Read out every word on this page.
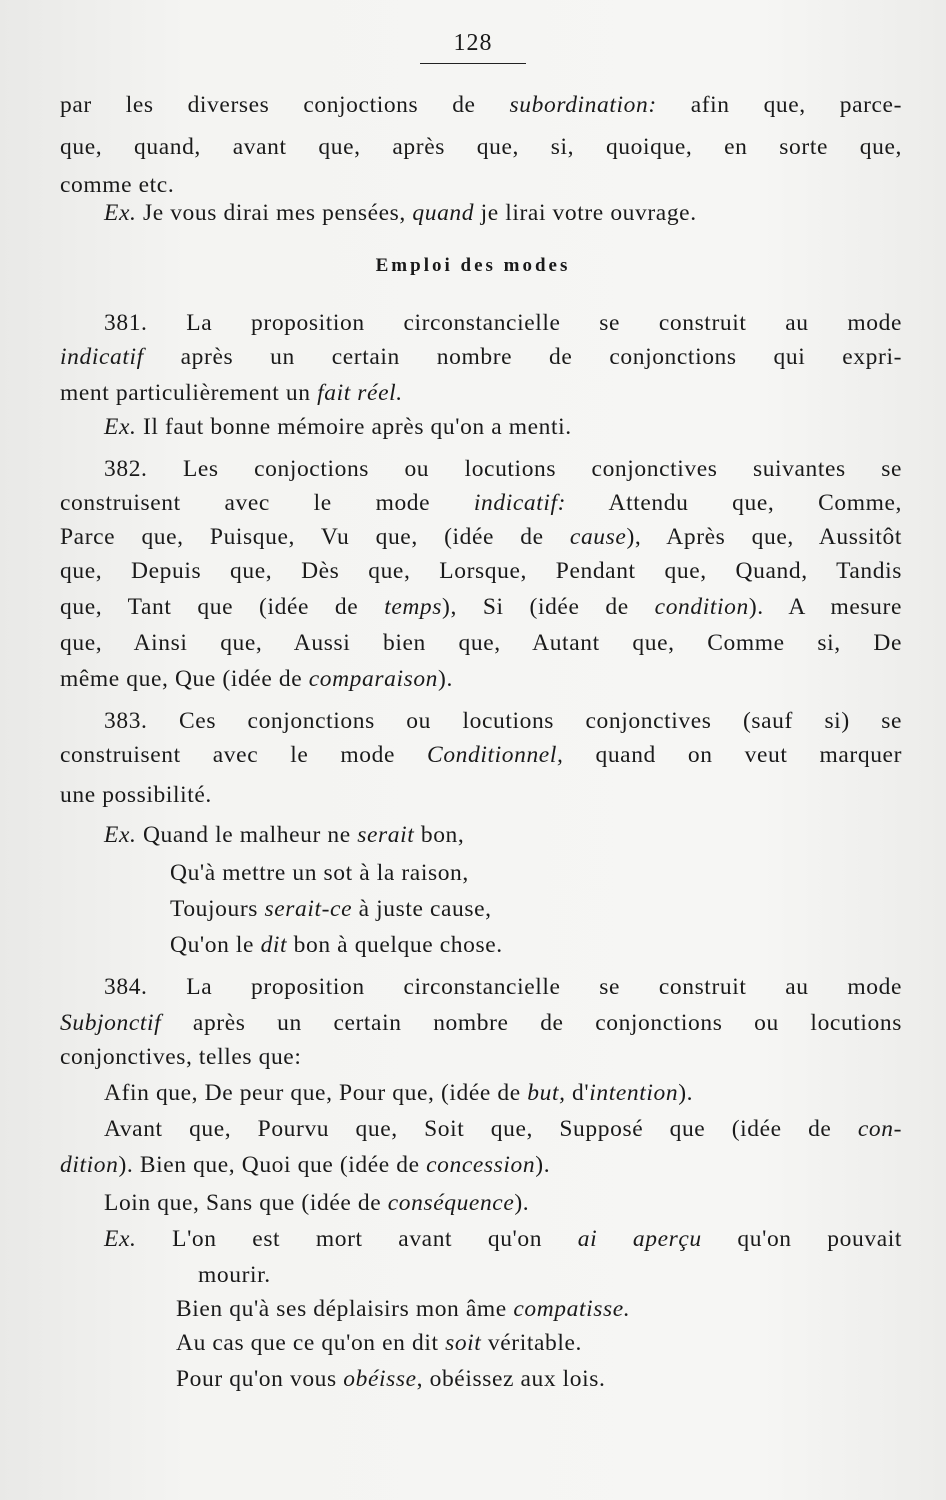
128
par les diverses conjoctions de subordination: afin que, parce-
que, quand, avant que, après que, si, quoique, en sorte que,
comme etc.
Ex. Je vous dirai mes pensées, quand je lirai votre ouvrage.
Emploi des modes
381. La proposition circonstancielle se construit au mode
indicatif après un certain nombre de conjonctions qui expri-
ment particulièrement un fait réel.
Ex. Il faut bonne mémoire après qu'on a menti.
382. Les conjoctions ou locutions conjonctives suivantes se
construisent avec le mode indicatif: Attendu que, Comme,
Parce que, Puisque, Vu que, (idée de cause), Après que, Aussitôt
que, Depuis que, Dès que, Lorsque, Pendant que, Quand, Tandis
que, Tant que (idée de temps), Si (idée de condition). A mesure
que, Ainsi que, Aussi bien que, Autant que, Comme si, De
même que, Que (idée de comparaison).
383. Ces conjonctions ou locutions conjonctives (sauf si) se
construisent avec le mode Conditionnel, quand on veut marquer
une possibilité.
Ex. Quand le malheur ne serait bon,
Qu'à mettre un sot à la raison,
Toujours serait-ce à juste cause,
Qu'on le dit bon à quelque chose.
384. La proposition circonstancielle se construit au mode
Subjonctif après un certain nombre de conjonctions ou locutions
conjonctives, telles que:
Afin que, De peur que, Pour que, (idée de but, d'intention).
Avant que, Pourvu que, Soit que, Supposé que (idée de con-
dition). Bien que, Quoi que (idée de concession).
Loin que, Sans que (idée de conséquence).
Ex. L'on est mort avant qu'on ai aperçu qu'on pouvait
mourir.
Bien qu'à ses déplaisirs mon âme compatisse.
Au cas que ce qu'on en dit soit véritable.
Pour qu'on vous obéisse, obéissez aux lois.
